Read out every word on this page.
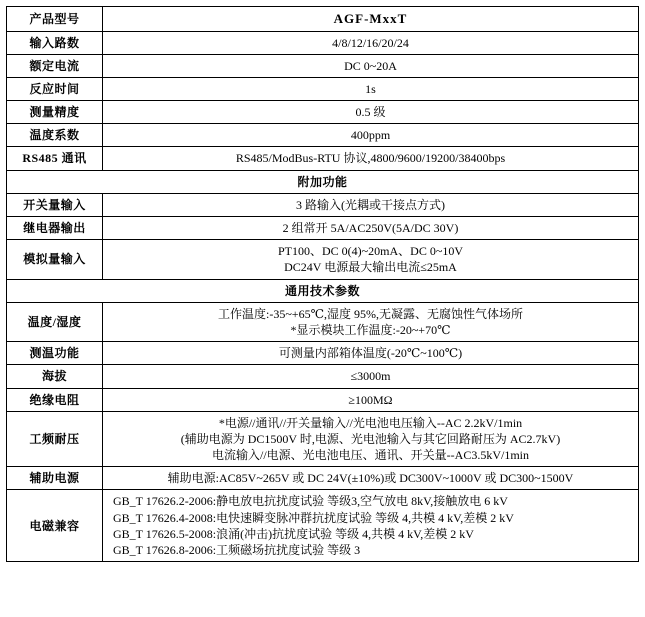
产品型号	AGF-MxxT
输入路数	4/8/12/16/20/24
额定电流	DC 0~20A
反应时间	1s
测量精度	0.5 级
温度系数	400ppm
RS485 通讯	RS485/ModBus-RTU 协议,4800/9600/19200/38400bps
附加功能	
开关量输入	3 路输入(光耦或干接点方式)
继电器输出	2 组常开 5A/AC250V(5A/DC 30V)
模拟量输入	PT100、DC 0(4)~20mA、DC 0~10V
DC24V 电源最大输出电流≤25mA

通用技术参数	
温度/湿度	工作温度:-35~+65℃,湿度 95%,无凝露、无腐蚀性气体场所
*显示模块工作温度:-20~+70℃

测温功能	可测量内部箱体温度(-20℃~100℃)
海拔	≤3000m
绝缘电阻	≥100MΩ
工频耐压	*电源//通讯//开关量输入//光电池电压输入--AC 2.2kV/1min
(辅助电源为 DC1500V 时,电源、光电池输入与其它回路耐压为 AC2.7kV)
电流输入//电源、光电池电压、通讯、开关量--AC3.5kV/1min

辅助电源	辅助电源:AC85V~265V 或 DC 24V(±10%)或 DC300V~1000V 或 DC300~1500V
电磁兼容	GB_T 17626.2-2006:静电放电抗扰度试验 等级3,空气放电 8kV,接触放电 6 kV
GB_T 17626.4-2008:电快速瞬变脉冲群抗扰度试验 等级 4,共模 4 kV,差模 2 kV
GB_T 17626.5-2008:浪涌(冲击)抗扰度试验 等级 4,共模 4 kV,差模 2 kV
GB_T 17626.8-2006:工频磁场抗扰度试验 等级 3
